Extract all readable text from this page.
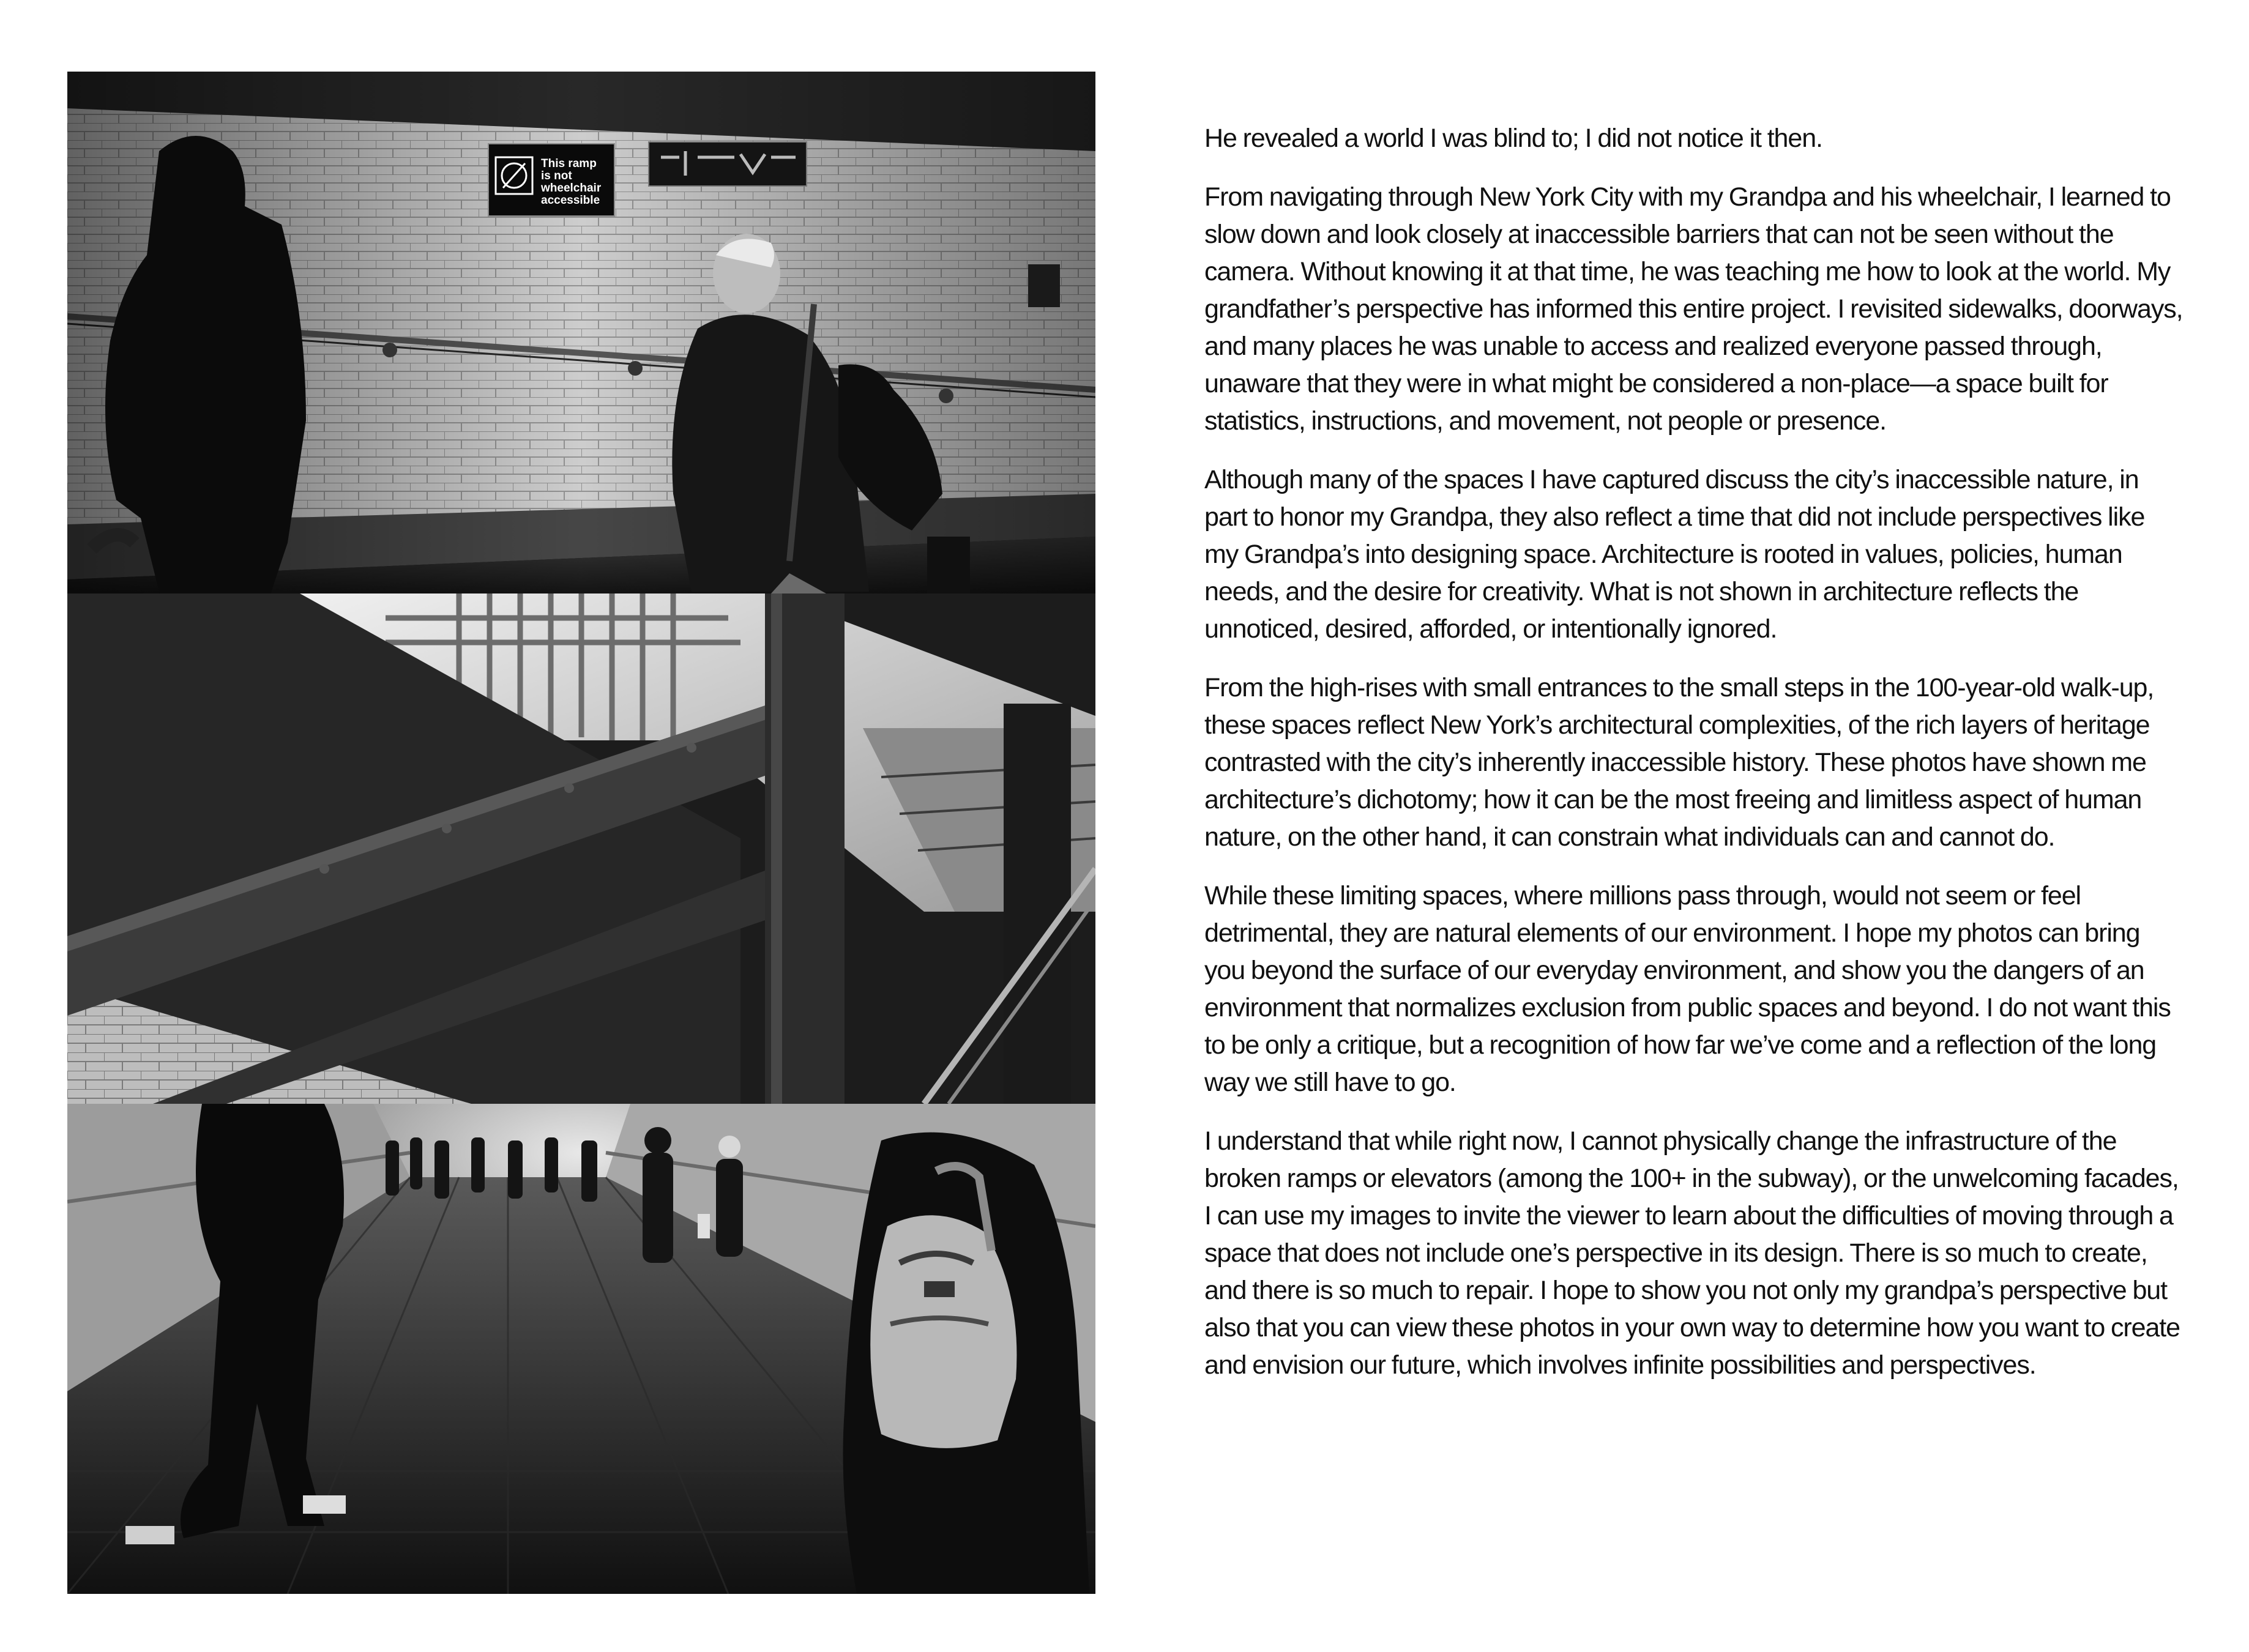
This ramp
is not
wheelchair
accessible

He revealed a world I was blind to; I did not notice it then.

From navigating through New York City with my Grandpa and his wheelchair, I learned to slow down and look closely at inaccessible barriers that can not be seen without the camera. Without knowing it at that time, he was teaching me how to look at the world. My grandfather’s perspective has informed this entire project. I revisited sidewalks, doorways, and many places he was unable to access and realized everyone passed through, unaware that they were in what might be considered a non-place—a space built for statistics, instructions, and movement, not people or presence.

Although many of the spaces I have captured discuss the city’s inaccessible nature, in part to honor my Grandpa, they also reflect a time that did not include perspectives like my Grandpa’s into designing space. Architecture is rooted in values, policies, human needs, and the desire for creativity. What is not shown in architecture reflects the unnoticed, desired, afforded, or intentionally ignored.

From the high-rises with small entrances to the small steps in the 100-year-old walk-up, these spaces reflect New York’s architectural complexities, of the rich layers of heritage contrasted with the city’s inherently inaccessible history. These photos have shown me architecture’s dichotomy; how it can be the most freeing and limitless aspect of human nature, on the other hand, it can constrain what individuals can and cannot do.

While these limiting spaces, where millions pass through, would not seem or feel detrimental, they are natural elements of our environment. I hope my photos can bring you beyond the surface of our everyday environment, and show you the dangers of an environment that normalizes exclusion from public spaces and beyond. I do not want this to be only a critique, but a recognition of how far we’ve come and a reflection of the long way we still have to go.

I understand that while right now, I cannot physically change the infrastructure of the broken ramps or elevators (among the 100+ in the subway), or the unwelcoming facades, I can use my images to invite the viewer to learn about the difficulties of moving through a space that does not include one’s perspective in its design. There is so much to create, and there is so much to repair. I hope to show you not only my grandpa’s perspective but also that you can view these photos in your own way to determine how you want to create and envision our future, which involves infinite possibilities and perspectives.
